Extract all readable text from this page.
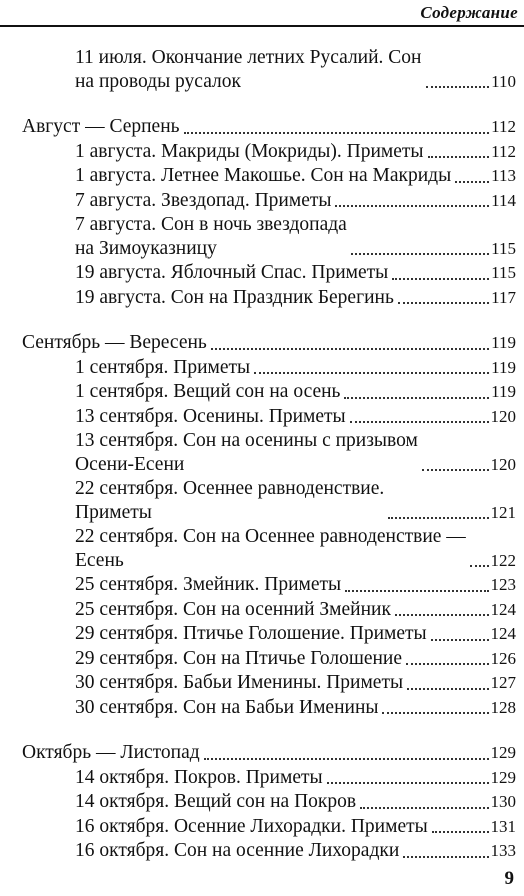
Содержание
11 июля. Окончание летних Русалий. Сон
на проводы русалок	110
Август — Серпень	112
1 августа. Макриды (Мокриды). Приметы	112
1 августа. Летнее Макошье. Сон на Макриды 113
7 августа. Звездопад. Приметы	114
7 августа. Сон в ночь звездопада
на Зимоуказницу	115
19 августа. Яблочный Спас. Приметы	115
19 августа. Сон на Праздник Берегинь	117
Сентябрь — Вересень	119
1 сентября. Приметы	119
1 сентября. Вещий сон на осень	119
13 сентября. Осенины. Приметы	120
13 сентября. Сон на осенины с призывом
Осени-Есени	120
22 сентября. Осеннее равноденствие.
Приметы	121
22 сентября. Сон на Осеннее равноденствие —
Есень	122
25 сентября. Змейник. Приметы	123
25 сентября. Сон на осенний Змейник	124
29 сентября. Птичье Голошение. Приметы	124
29 сентября. Сон на Птичье Голошение	126
30 сентября. Бабьи Именины. Приметы	127
30 сентября. Сон на Бабьи Именины	128
Октябрь — Листопад	129
14 октября. Покров. Приметы	129
14 октября. Вещий сон на Покров	130
16 октября. Осенние Лихорадки. Приметы	131
16 октября. Сон на осенние Лихорадки	133
9
